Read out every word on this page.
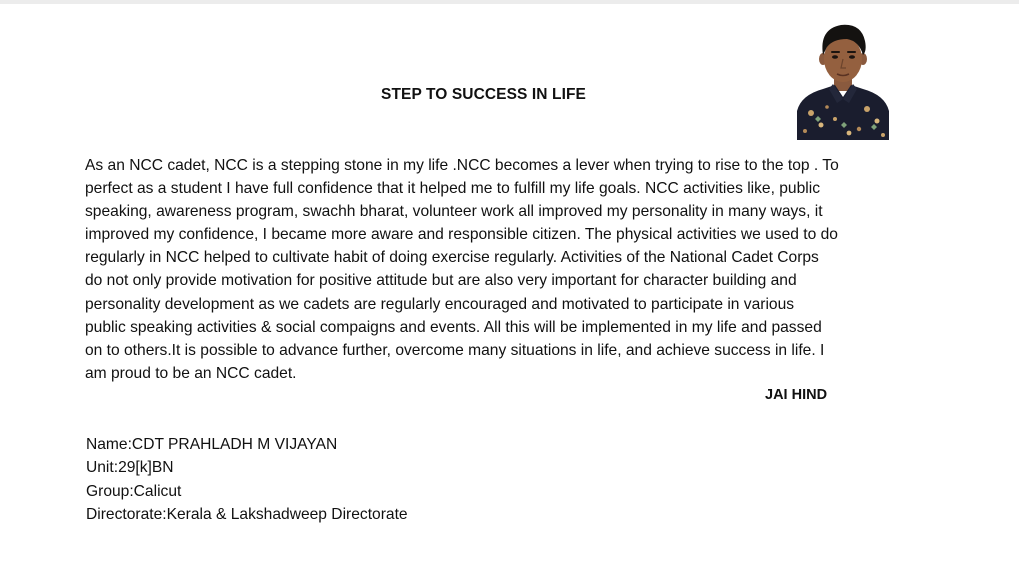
STEP TO SUCCESS IN LIFE
As an NCC cadet, NCC is a stepping stone in my life .NCC becomes a lever when trying to rise to the top . To
perfect as a student I have full confidence that it helped me to fulfill my life goals. NCC activities like, public
speaking, awareness program, swachh bharat, volunteer work all improved my personality in many ways, it
improved my confidence, I became more aware and responsible citizen. The physical activities we used to do
regularly in NCC helped to cultivate habit of doing exercise regularly. Activities of the National Cadet Corps
do not only provide motivation for positive attitude but are also very important for character building and
personality development as we cadets are regularly encouraged and motivated to participate in various
public speaking activities & social compaigns and events. All this will be implemented in my life and passed
on to others.It is possible to advance further, overcome many situations in life, and achieve success in life. I
am proud to be an NCC cadet.
JAI HIND
Name:CDT PRAHLADH M VIJAYAN
Unit:29[k]BN
Group:Calicut
Directorate:Kerala & Lakshadweep Directorate
